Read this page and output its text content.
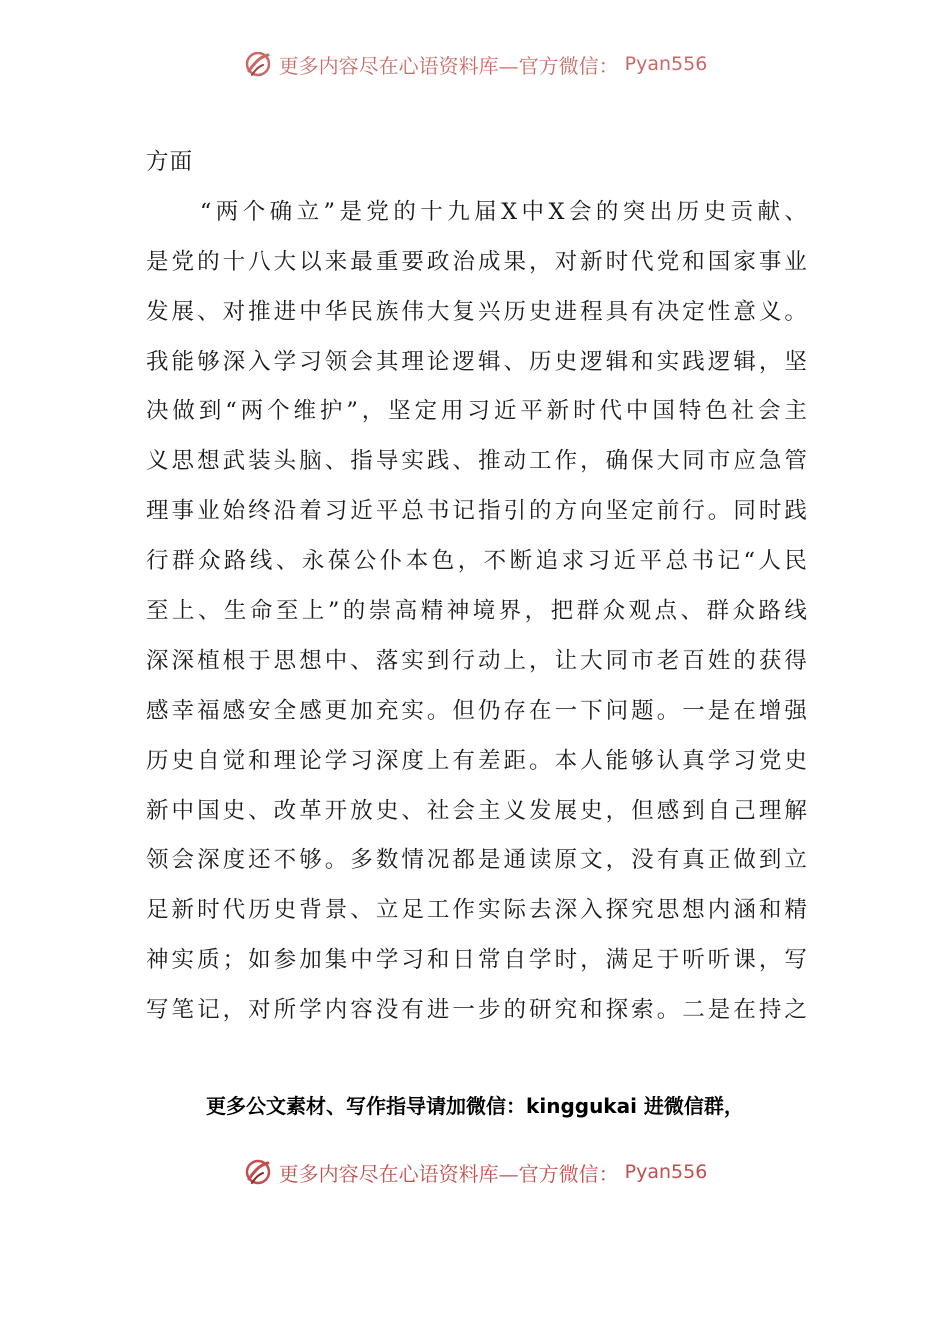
更多内容尽在心语资料库—官方微信： Pyan556
方面
　　“两个确立”是党的十九届X中X会的突出历史贡献、
是党的十八大以来最重要政治成果，对新时代党和国家事业
发展、对推进中华民族伟大复兴历史进程具有决定性意义。
我能够深入学习领会其理论逻辑、历史逻辑和实践逻辑，坚
决做到“两个维护”，坚定用习近平新时代中国特色社会主
义思想武装头脑、指导实践、推动工作，确保大同市应急管
理事业始终沿着习近平总书记指引的方向坚定前行。同时践
行群众路线、永葆公仆本色，不断追求习近平总书记“人民
至上、生命至上”的崇高精神境界，把群众观点、群众路线
深深植根于思想中、落实到行动上，让大同市老百姓的获得
感幸福感安全感更加充实。但仍存在一下问题。一是在增强
历史自觉和理论学习深度上有差距。本人能够认真学习党史
新中国史、改革开放史、社会主义发展史，但感到自己理解
领会深度还不够。多数情况都是通读原文，没有真正做到立
足新时代历史背景、立足工作实际去深入探究思想内涵和精
神实质；如参加集中学习和日常自学时，满足于听听课，写
写笔记，对所学内容没有进一步的研究和探索。二是在持之
更多公文素材、写作指导请加微信：kinggukai 进微信群，
更多内容尽在心语资料库—官方微信： Pyan556
